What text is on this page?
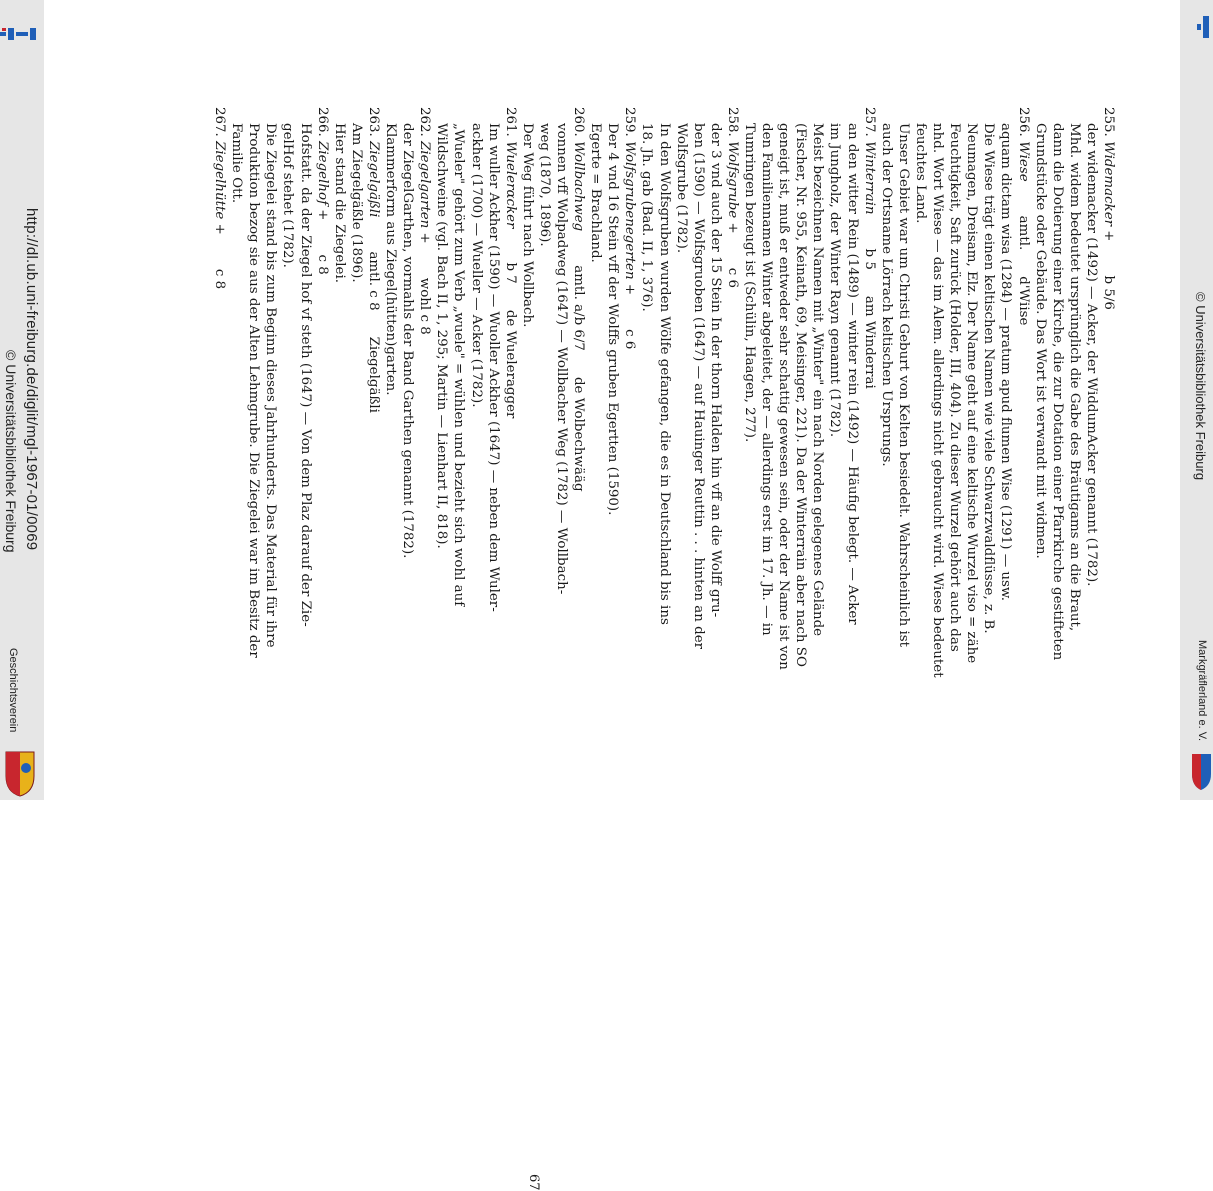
http://dl.ub.uni-freiburg.de/diglit/mgl-1967-01/0069
© Universitätsbibliothek Freiburg
Geschichtsverein
© Universitätsbibliothek Freiburg
Markgräflerland e. V.
255. Widemacker +b 5/6
der widemacker (1492) — Acker, der WiddumAcker genannt (1782).
Mhd. widem bedeutet ursprünglich die Gabe des Bräutigams an die Braut,
dann die Dotierung einer Kirche, die zur Dotation einer Pfarrkirche gestifteten
Grundstücke oder Gebäude. Das Wort ist verwandt mit widmen.
256. Wieseamtl.d'Wiise
aquam dictam wisa (1284) — pratum apud flumen Wise (1291) — usw.
Die Wiese trägt einen keltischen Namen wie viele Schwarzwaldflüsse, z. B.
Neumagen, Dreisam, Elz. Der Name geht auf eine keltische Wurzel viso = zähe
Feuchtigkeit, Saft zurück (Holder, III, 404). Zu dieser Wurzel gehört auch das
nhd. Wort Wiese — das im Alem. allerdings nicht gebraucht wird. Wiese bedeutet
feuchtes Land.
Unser Gebiet war um Christi Geburt von Kelten besiedelt. Wahrscheinlich ist
auch der Ortsname Lörrach keltischen Ursprungs.
257. Winterrainb 5am Winderrai
an den witter Rein (1489) — winter rein (1492) — Häufig belegt. — Acker
im Jungholz, der Winter Rayn genannt (1782).
Meist bezeichnen Namen mit „Winter" ein nach Norden gelegenes Gelände
(Fischer, Nr. 955, Keinath, 69, Meisinger, 221). Da der Winterrain aber nach SO
geneigt ist, muß er entweder sehr schattig gewesen sein, oder der Name ist von
den Familiennamen Winter abgeleitet, der — allerdings erst im 17. Jh. — in
Tumringen bezeugt ist (Schülin, Haagen, 277).
258. Wolfsgrube +c 6
der 3 vnd auch der 15 Stein In der thorn Halden hin vff an die Wolff gru-
ben (1590) — Wolfsgruoben (1647) — auf Hauinger Reuttin . . . hinten an der
Wolfsgrube (1782).
In den Wolfsgruben wurden Wölfe gefangen, die es in Deutschland bis ins
18. Jh. gab (Bad. II, 1, 376).
259. Wolfsgrubenegerten +c 6
Der 4 vnd 16 Stein vff der Wolffs gruben Egertten (1590).
Egerte = Brachland.
260. Wollbachwegamtl. a/b 6/7de Wolbechwääg
vonnen vff Wolpadweg (1647) — Wollbacher Weg (1782) — Wollbach-
weg (1870, 1896).
Der Weg führt nach Wollbach.
261. Wuelerαckerb 7de Wueleragger
Im wuller Ackher (1590) — Wuoller Ackher (1647) — neben dem Wuler-
ackher (1700) — Wueller — Acker (1782).
„Wueler" gehört zum Verb „wuele" = wühlen und bezieht sich wohl auf
Wildschweine (vgl. Bach II, 1, 295; Martin — Lienhart II, 818).
262. Ziegelgarten +wohl c 8
der ZiegelGarthen, vormahls der Band Garthen genannt (1782).
Klammerform aus Ziegel(hütten)garten.
263. Ziegelgäßliamtl. c 8Ziegelgäßli
Am Ziegelgäßle (1896).
Hier stand die Ziegelei.
266. Ziegelhof +c 8
Hofstatt. da der Ziegel hof vf steth (1647) — Von dem Plaz darauf der Zie-
gelHof stehet (1782).
Die Ziegelei stand bis zum Beginn dieses Jahrhunderts. Das Material für ihre
Produktion bezog sie aus der Alten Lehmgrube. Die Ziegelei war im Besitz der
Familie Ott.
267. Ziegelhütte +c 8
67
